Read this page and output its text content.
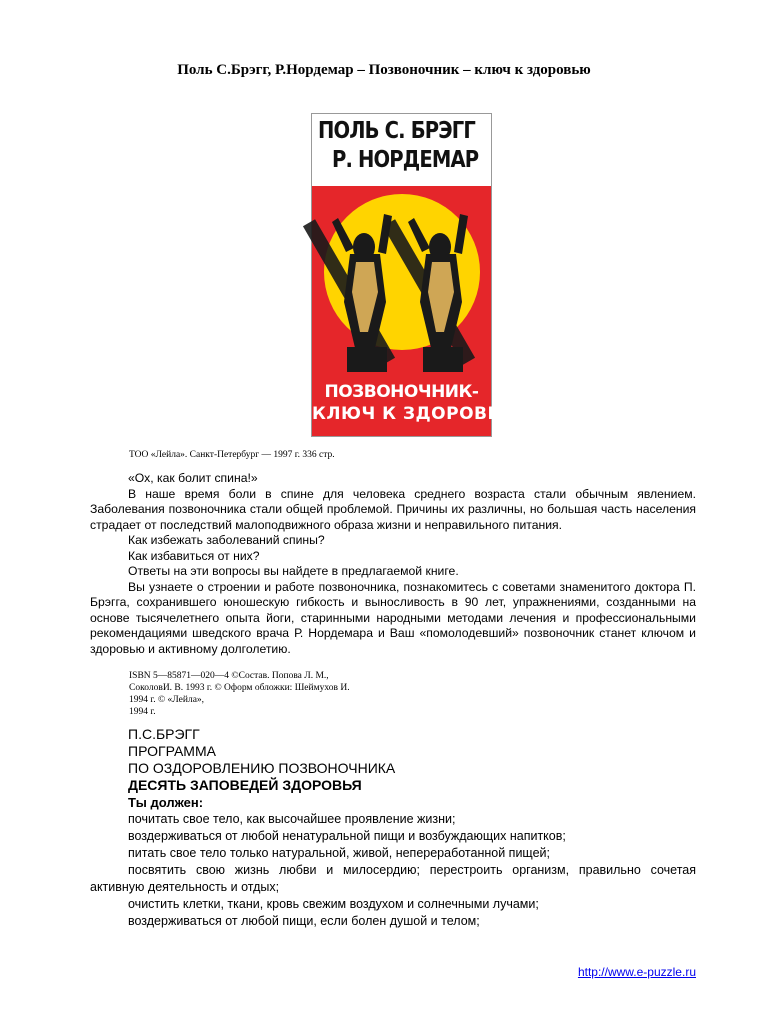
Поль С.Брэгг, Р.Нордемар – Позвоночник – ключ к здоровью
ПОЛЬ С. БРЭГГ
Р. НОРДЕМАР
ПОЗВОНОЧНИК-
КЛЮЧ К ЗДОРОВЬЮ
ТОО «Лейла». Санкт-Петербург — 1997 г. 336 стр.

«Ох, как болит спина!»

В наше время боли в спине для человека среднего возраста стали обычным явлением. Заболевания позвоночника стали общей проблемой. Причины их различны, но большая часть населения страдает от последствий малоподвижного образа жизни и неправильного питания.

Как избежать заболеваний спины?

Как избавиться от них?

Ответы на эти вопросы вы найдете в предлагаемой книге.

Вы узнаете о строении и работе позвоночника, познакомитесь с советами знаменитого доктора П. Брэгга, сохранившего юношескую гибкость и выносливость в 90 лет, упражнениями, созданными на основе тысячелетнего опыта йоги, старинными народными методами лечения и профессиональными рекомендациями шведского врача Р. Нордемара и Ваш «помолодевший» позвоночник станет ключом и здоровью и активному долголетию.

ISBN 5—85871—020—4 ©Состав. Попова Л. М.,
СоколовИ. В. 1993 г. © Оформ обложки: Шеймухов И.
1994 г. © «Лейла»,
1994 г.
П.С.БРЭГГ
ПРОГРАММА
ПО ОЗДОРОВЛЕНИЮ ПОЗВОНОЧНИКА
ДЕСЯТЬ ЗАПОВЕДЕЙ ЗДОРОВЬЯ
Ты должен:
почитать свое тело, как высочайшее проявление жизни;
воздерживаться от любой ненатуральной пищи и возбуждающих напитков;
питать свое тело только натуральной, живой, непереработанной пищей;
посвятить свою жизнь любви и милосердию; перестроить организм, правильно сочетая активную деятельность и отдых;
очистить клетки, ткани, кровь свежим воздухом и солнечными лучами;
воздерживаться от любой пищи, если болен душой и телом;
http://www.e-puzzle.ru
